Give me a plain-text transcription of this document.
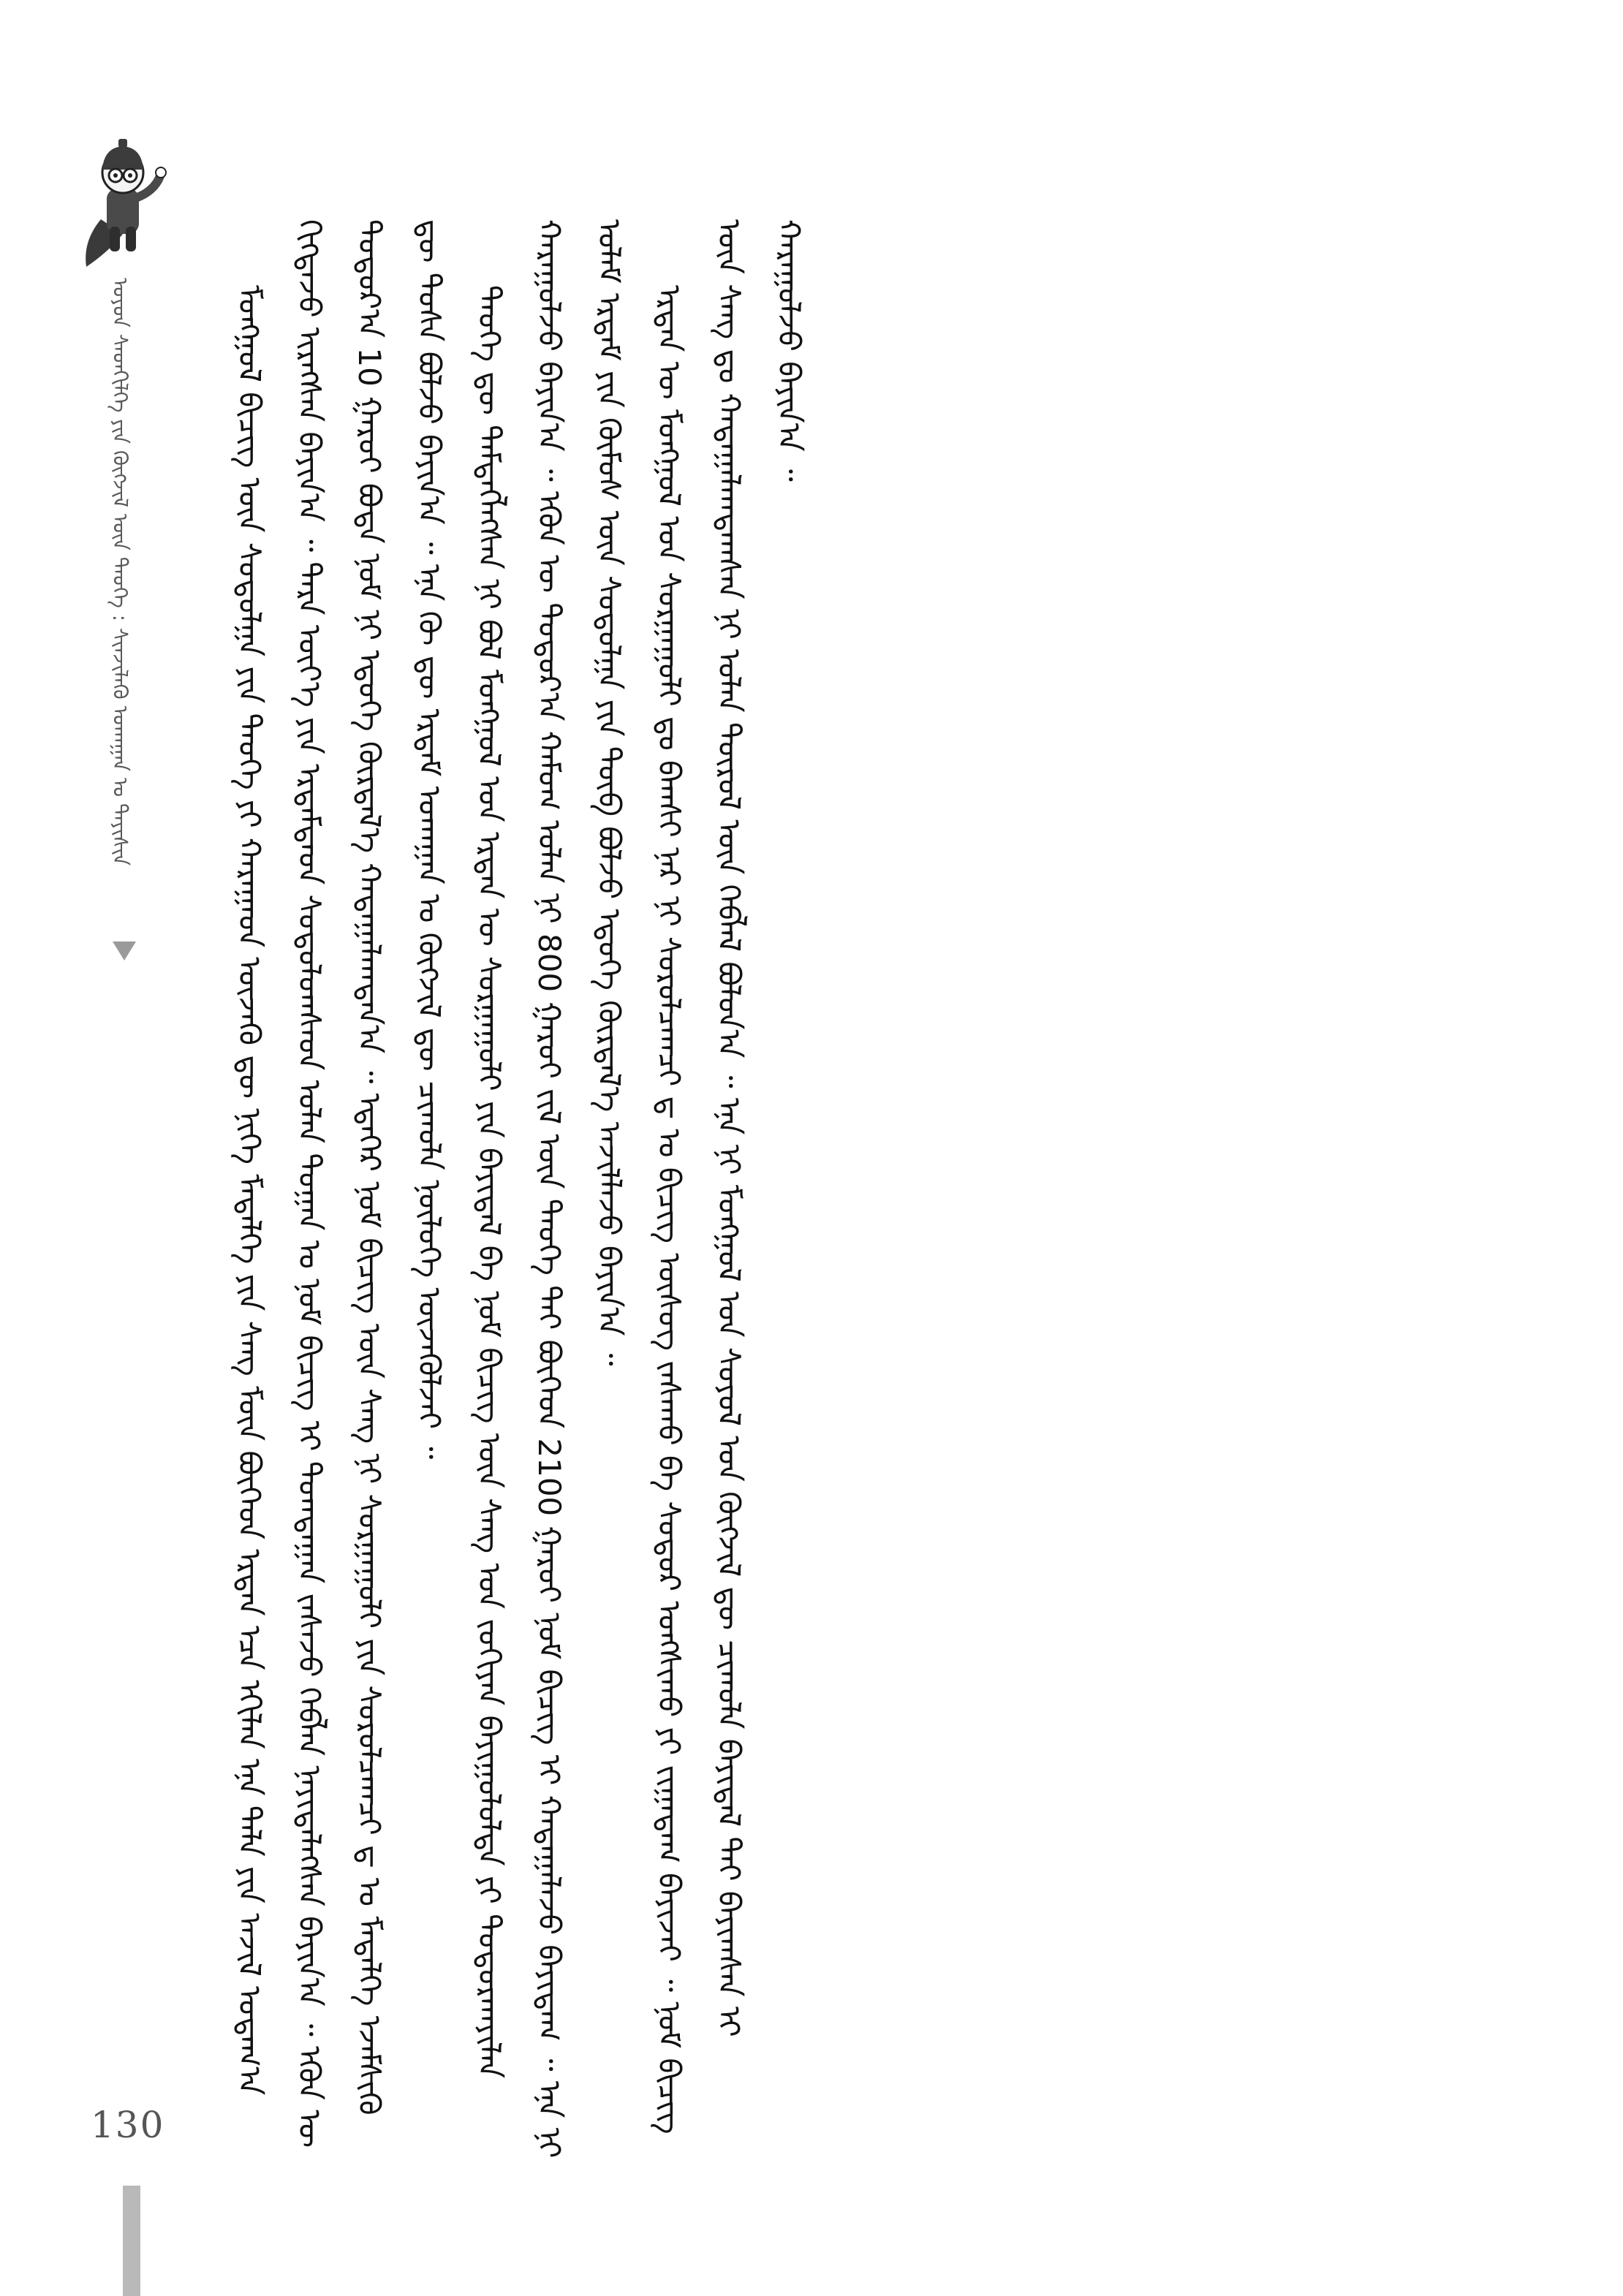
130
ᠣᠶᠣᠨ ᠰᠡᠳᠬᠢᠯᠭᠡ ᠶᠢᠨ ᠬᠥᠭᠵᠢᠯ ᠦᠨ ᠲᠡᠦᠬᠡ : ᠰᠢᠨᠵᠢᠯᠡᠬᠦ ᠤᠬᠠᠭᠠᠨ ᠤ ᠳᠠᠶᠢᠰᠢᠨ	ᠮᠣᠩᠭᠣᠯ ᠪᠢᠴᠢᠭ ᠦᠨ ᠰᠤᠳᠤᠯᠭᠠ ᠶᠢᠨ ᠲᠡᠦᠬᠡ ᠶᠢ ᠬᠠᠷᠠᠭᠠᠳ ᠦᠵᠡᠬᠦ ᠳᠦ ᠨᠢᠭᠡ ᠮᠡᠳᠡᠯᠭᠡ ᠶᠢᠨ ᠰᠠᠩ ᠮᠥᠨ ᠪᠥᠭᠡᠳ ᠡᠷᠲᠡᠨ ᠡᠴᠡ ᠡᠬᠢᠯᠡᠨ ᠡᠨᠡ ᠲᠠᠯᠠ ᠶᠢᠨ ᠠᠵᠢᠯ ᠤᠳᠠᠭ᠎ᠠ ᠬᠢᠭᠳᠡᠵᠦ ᠢᠷᠡᠭᠰᠡᠨ ᠪᠠᠶᠢᠨ᠎ᠠ ᠃ ᠲᠡᠷᠡ ᠦᠶ᠎ᠡ ᠶᠢᠨ ᠡᠷᠳᠡᠮᠲᠡᠳ ᠰᠤᠳᠤᠯᠤᠭᠰᠠᠳ ᠤᠯᠠᠨ ᠲᠣᠭᠠᠨ ᠤ ᠨᠣᠮ ᠪᠢᠴᠢᠭ ᠢ ᠲᠣᠭᠲᠠᠭᠠᠨ ᠵᠠᠰᠠᠵᠤ ᠬᠡᠪᠯᠡᠨ ᠨᠡᠶᠢᠲᠡᠯᠡᠭᠰᠡᠨ ᠪᠠᠶᠢᠨ᠎ᠠ ᠃ ᠡᠭᠦᠨ ᠦ ᠳᠣᠲᠣᠷ᠎ᠠ 10 ᠭᠠᠷᠤᠢ ᠪᠣᠳᠠ ᠨᠣᠮ ᠨᠢ ᠡᠳᠦᠭᠡ ᠬᠦᠷᠲᠡᠯ᠎ᠡ ᠬᠠᠳᠠᠭᠠᠯᠠᠭᠳᠠᠨ᠎ᠠ ᠃ ᠡᠳᠡᠭᠡᠷ ᠨᠣᠮ ᠪᠢᠴᠢᠭ ᠦᠨ ᠰᠠᠩ ᠨᠢ ᠰᠤᠷᠭᠠᠭᠤᠯᠢ ᠶᠢᠨ ᠰᠤᠷᠤᠯᠴᠠᠭᠴᠢ ᠳ ᠤ ᠮᠡᠳᠡᠯᠭᠡ ᠡᠵᠡᠮᠰᠢᠬᠦ ᠳᠦ ᠲᠤᠰᠠ ᠪᠣᠯᠵᠤ ᠪᠠᠶᠢᠨ᠎ᠠ ᠃ ᠡᠨᠡ ᠬᠦ ᠳᠦ ᠡᠷᠳᠡᠮ ᠤᠬᠠᠭᠠᠨ ᠤ ᠬᠥᠭᠵᠢᠯ ᠳᠦ ᠴᠢᠬᠤᠯᠠ ᠨᠥᠯᠦᠭᠡ ᠦᠵᠡᠭᠦᠯᠵᠡᠢ ᠃ ᠲᠡᠦᠬᠡ ᠳᠦ ᠲᠡᠮᠳᠡᠭᠯᠡᠭᠰᠡᠨ ᠨᠢ ᠪᠣᠯ ᠮᠣᠩᠭᠣᠯ ᠤᠨ ᠡᠷᠲᠡᠨ ᠦ ᠰᠤᠷᠭᠠᠭᠤᠯᠢ ᠶᠢᠨ ᠪᠠᠶᠢᠳᠠᠯ ᠪᠠ ᠨᠣᠮ ᠪᠢᠴᠢᠭ ᠦᠨ ᠰᠠᠩ ᠤᠨ ᠵᠣᠬᠢᠶᠠᠨ ᠪᠠᠶᠢᠭᠤᠯᠤᠯᠲᠠ ᠶᠢ ᠲᠣᠳᠣᠷᠬᠠᠶᠢᠯᠠᠨ ᠬᠠᠷᠠᠭᠤᠯᠵᠤ ᠪᠠᠶᠢᠨ᠎ᠠ ᠃ ᠡᠭᠦᠨ ᠦ ᠳᠣᠲᠣᠷ᠎ᠠ ᠬᠠᠮᠤᠭ ᠤᠯᠠᠨ ᠨᠢ 800 ᠭᠠᠷᠤᠢ ᠵᠢᠯ ᠦᠨ ᠲᠡᠦᠬᠡ ᠲᠠᠢ ᠪᠥᠭᠡᠳ 2100 ᠭᠠᠷᠤᠢ ᠨᠣᠮ ᠪᠢᠴᠢᠭ ᠢ ᠬᠠᠳᠠᠭᠠᠯᠠᠵᠤ ᠪᠠᠶᠢᠳᠠᠭ ᠃ ᠡᠨᠡ ᠨᠢ ᠤᠯᠠᠮ ᠡᠷᠳᠡᠮ ᠶᠢᠨ ᠬᠥᠮᠦᠰ ᠦᠨ ᠰᠤᠳᠤᠯᠭᠠ ᠶᠢᠨ ᠲᠥᠪ ᠪᠣᠯᠵᠤ ᠡᠳᠦᠭᠡ ᠬᠦᠷᠲᠡᠯ᠎ᠡ ᠠᠵᠢᠯᠯᠠᠵᠤ ᠪᠠᠶᠢᠨ᠎ᠠ ᠃ ᠡᠷᠲᠡᠨ ᠦ ᠮᠣᠩᠭᠣᠯ ᠤᠨ ᠰᠤᠷᠭᠠᠭᠤᠯᠢ ᠳᠤ ᠪᠠᠭᠰᠢ ᠨᠠᠷ ᠨᠢ ᠰᠤᠷᠤᠯᠴᠠᠭᠴᠢ ᠳ ᠤ ᠪᠢᠴᠢᠭ ᠦᠰᠦᠭ ᠵᠠᠰᠠᠬᠤ ᠪᠠ ᠰᠤᠳᠤᠷ ᠤᠩᠰᠢᠬᠤ ᠶᠢ ᠵᠢᠭᠠᠳᠠᠭ ᠪᠠᠶᠢᠵᠠᠢ ᠃ ᠨᠣᠮ ᠪᠢᠴᠢᠭ ᠦᠨ ᠰᠠᠩ ᠳᠤ ᠬᠠᠳᠠᠭᠠᠯᠠᠭᠳᠠᠭᠰᠠᠨ ᠨᠢ ᠣᠯᠠᠨ ᠲᠥᠷᠥᠯ ᠦᠨ ᠬᠡᠪᠯᠡᠯ ᠪᠣᠯᠤᠨ᠎ᠠ ᠃ ᠡᠨᠡ ᠨᠢ ᠮᠣᠩᠭᠣᠯ ᠤᠨ ᠰᠣᠶᠣᠯ ᠤᠨ ᠬᠥᠭᠵᠢᠯ ᠳᠦ ᠴᠢᠬᠤᠯᠠ ᠪᠠᠶᠢᠳᠠᠯ ᠲᠠᠢ ᠪᠠᠶᠢᠭᠰᠠᠨ ᠢ ᠬᠠᠷᠠᠭᠤᠯᠵᠤ ᠪᠠᠶᠢᠨ᠎ᠠ ᠃
